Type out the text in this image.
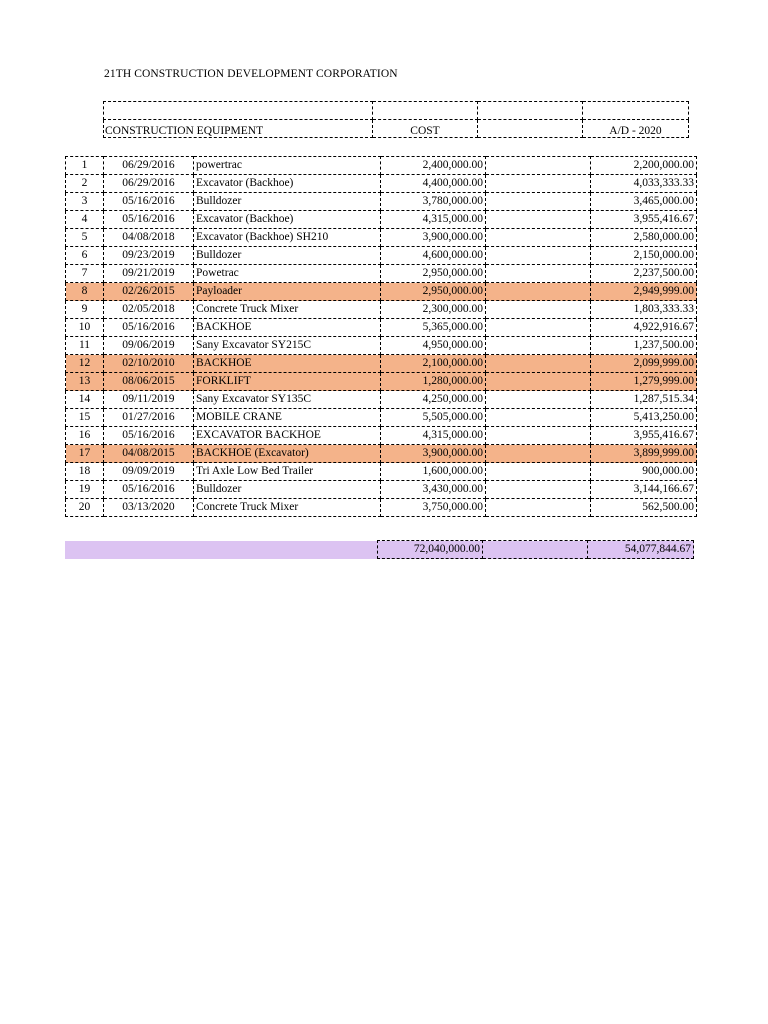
21TH CONSTRUCTION DEVELOPMENT CORPORATION

CONSTRUCTION EQUIPMENT	COST		A/D - 2020
1	06/29/2016	powertrac	2,400,000.00		2,200,000.00
2	06/29/2016	Excavator (Backhoe)	4,400,000.00		4,033,333.33
3	05/16/2016	Bulldozer	3,780,000.00		3,465,000.00
4	05/16/2016	Excavator (Backhoe)	4,315,000.00		3,955,416.67
5	04/08/2018	Excavator (Backhoe) SH210	3,900,000.00		2,580,000.00
6	09/23/2019	Bulldozer	4,600,000.00		2,150,000.00
7	09/21/2019	Powetrac	2,950,000.00		2,237,500.00
8	02/26/2015	Payloader	2,950,000.00		2,949,999.00
9	02/05/2018	Concrete Truck Mixer	2,300,000.00		1,803,333.33
10	05/16/2016	BACKHOE	5,365,000.00		4,922,916.67
11	09/06/2019	Sany Excavator SY215C	4,950,000.00		1,237,500.00
12	02/10/2010	BACKHOE	2,100,000.00		2,099,999.00
13	08/06/2015	FORKLIFT	1,280,000.00		1,279,999.00
14	09/11/2019	Sany Excavator SY135C	4,250,000.00		1,287,515.34
15	01/27/2016	MOBILE CRANE	5,505,000.00		5,413,250.00
16	05/16/2016	EXCAVATOR BACKHOE	4,315,000.00		3,955,416.67
17	04/08/2015	BACKHOE (Excavator)	3,900,000.00		3,899,999.00
18	09/09/2019	Tri Axle Low Bed Trailer	1,600,000.00		900,000.00
19	05/16/2016	Bulldozer	3,430,000.00		3,144,166.67
20	03/13/2020	Concrete Truck Mixer	3,750,000.00		562,500.00
			72,040,000.00		54,077,844.67
